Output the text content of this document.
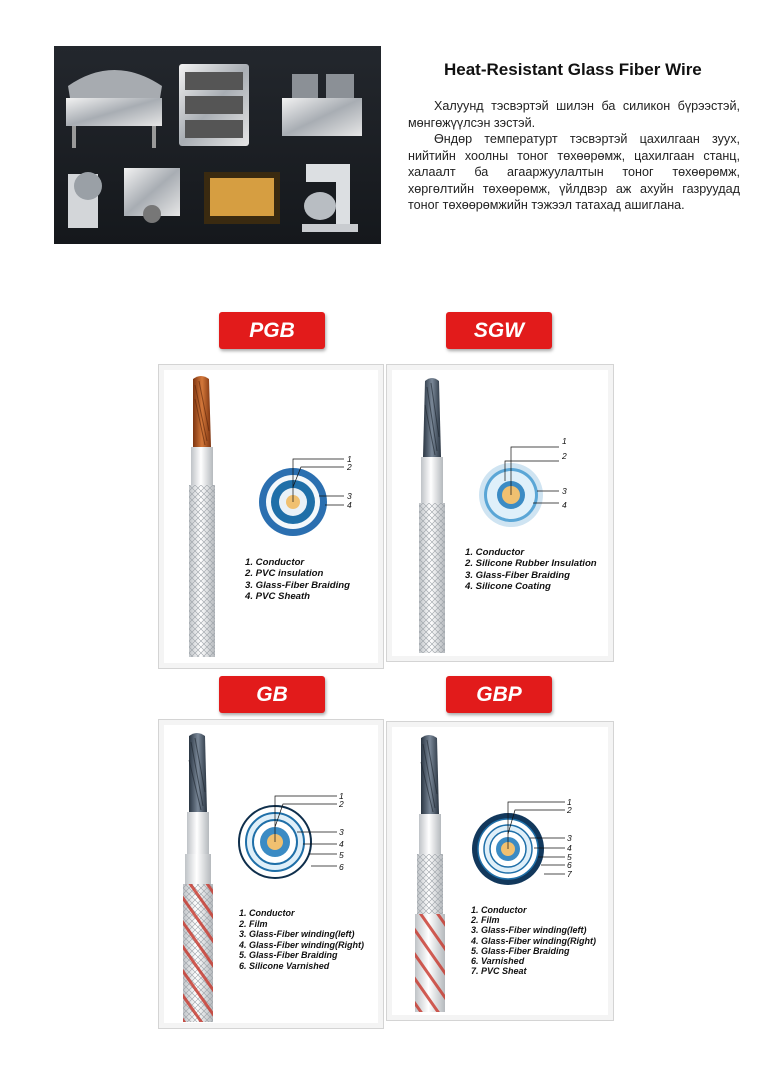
Heat-Resistant Glass Fiber Wire

Халуунд тэсвэртэй шилэн ба силикон бүрээстэй, мөнгөжүүлсэн зэстэй.

Өндөр температурт тэсвэртэй цахилгаан зуух, нийтийн хоолны тоног төхөөрөмж, цахилгаан станц, халаалт ба агааржуулалтын тоног төхөөрөмж, хөргөлтийн төхөөрөмж, үйлдвэр аж ахуйн газруудад тоног төхөөрөмжийн тэжээл татахад ашиглана.

PGB	SGW
GB	GBP
1
2
3
4
1. Conductor
2. PVC insulation
3. Glass-Fiber Braiding
4. PVC Sheath
1
2
3
4
1. Conductor
2. Silicone Rubber Insulation
3. Glass-Fiber Braiding
4. Silicone Coating
1
2
3
4
5
6
1. Conductor
2. Film
3. Glass-Fiber winding(left)
4. Glass-Fiber winding(Right)
5. Glass-Fiber Braiding
6. Silicone Varnished
1
2
3
4
5
6
7
1. Conductor
2. Film
3. Glass-Fiber winding(left)
4. Glass-Fiber winding(Right)
5. Glass-Fiber Braiding
6. Varnished
7. PVC Sheat
